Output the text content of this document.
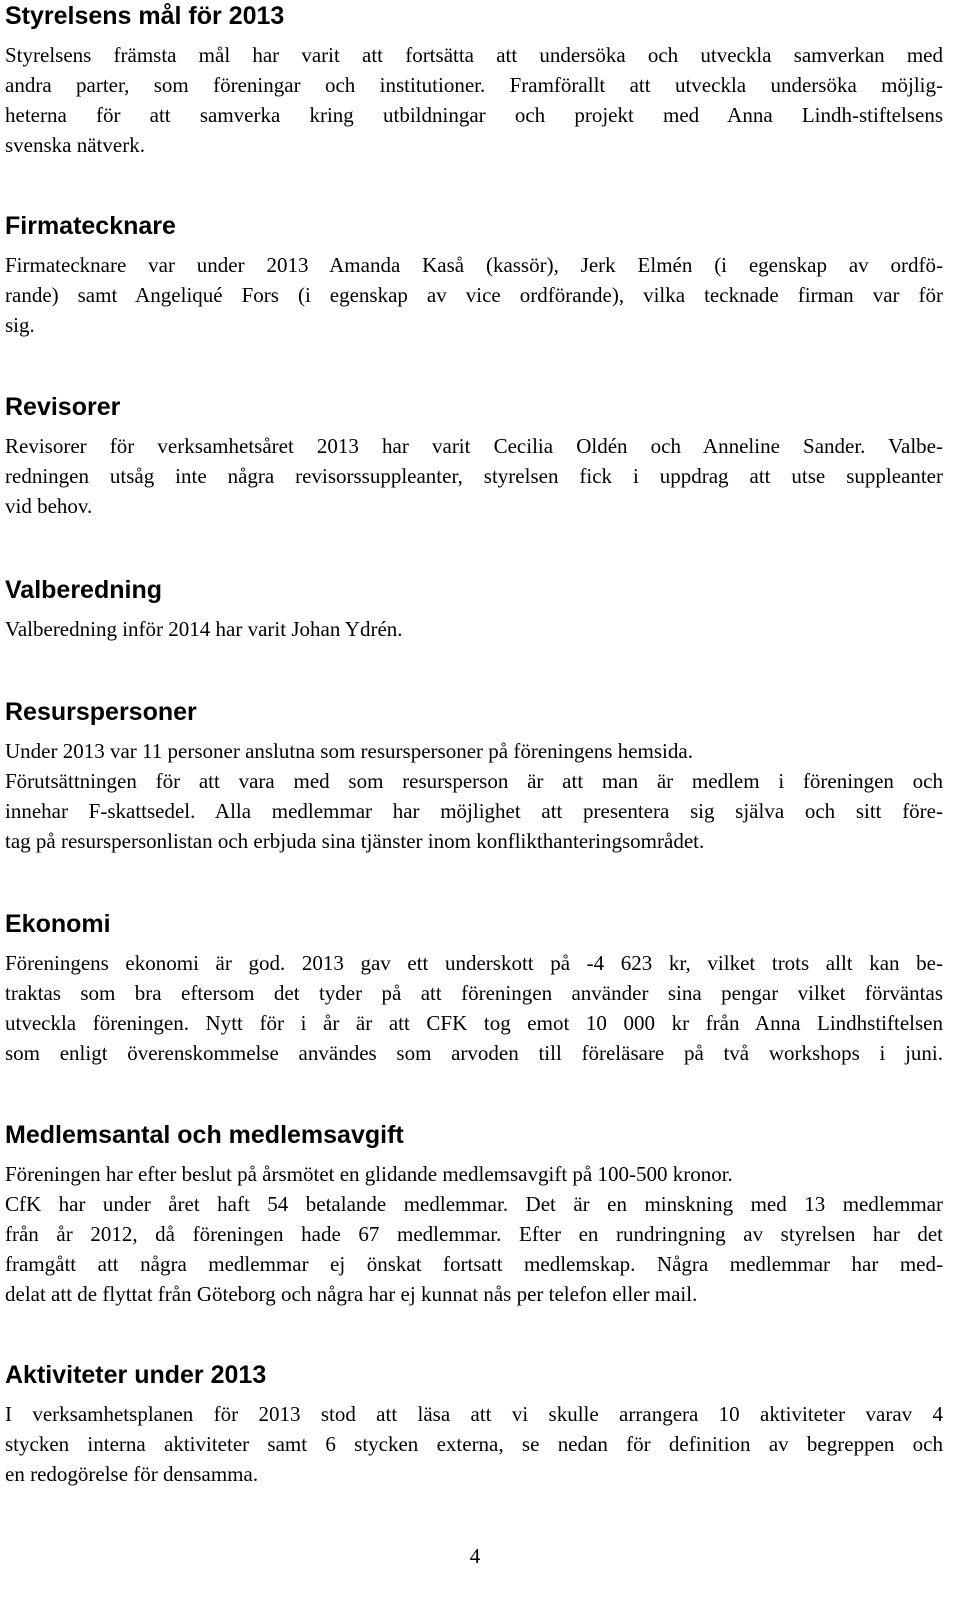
Styrelsens mål för 2013

Styrelsens främsta mål har varit att fortsätta att undersöka och utveckla samverkan med
andra parter, som föreningar och institutioner. Framförallt att utveckla undersöka möjlig-
heterna för att samverka kring utbildningar och projekt med Anna Lindh-stiftelsens
svenska nätverk.

Firmatecknare

Firmatecknare var under 2013 Amanda Kaså (kassör), Jerk Elmén (i egenskap av ordfö-
rande) samt Angeliqué Fors (i egenskap av vice ordförande), vilka tecknade firman var för
sig.

Revisorer

Revisorer för verksamhetsåret 2013 har varit Cecilia Oldén och Anneline Sander. Valbe-
redningen utsåg inte några revisorssuppleanter, styrelsen fick i uppdrag att utse suppleanter
vid behov.

Valberedning

Valberedning inför 2014 har varit Johan Ydrén.

Resurspersoner

Under 2013 var 11 personer anslutna som resurspersoner på föreningens hemsida.
Förutsättningen för att vara med som resursperson är att man är medlem i föreningen och
innehar F-skattsedel. Alla medlemmar har möjlighet att presentera sig själva och sitt före-
tag på resurspersonlistan och erbjuda sina tjänster inom konflikthanteringsområdet.

Ekonomi

Föreningens ekonomi är god. 2013 gav ett underskott på -4 623 kr, vilket trots allt kan be-
traktas som bra eftersom det tyder på att föreningen använder sina pengar vilket förväntas
utveckla föreningen. Nytt för i år är att CFK tog emot 10 000 kr från Anna Lindhstiftelsen
som enligt överenskommelse användes som arvoden till föreläsare på två workshops i juni.

Medlemsantal och medlemsavgift

Föreningen har efter beslut på årsmötet en glidande medlemsavgift på 100-500 kronor.
CfK har under året haft 54 betalande medlemmar. Det är en minskning med 13 medlemmar
från år 2012, då föreningen hade 67 medlemmar. Efter en rundringning av styrelsen har det
framgått att några medlemmar ej önskat fortsatt medlemskap. Några medlemmar har med-
delat att de flyttat från Göteborg och några har ej kunnat nås per telefon eller mail.

Aktiviteter under 2013

I verksamhetsplanen för 2013 stod att läsa att vi skulle arrangera 10 aktiviteter varav 4
stycken interna aktiviteter samt 6 stycken externa, se nedan för definition av begreppen och
en redogörelse för densamma.

4
